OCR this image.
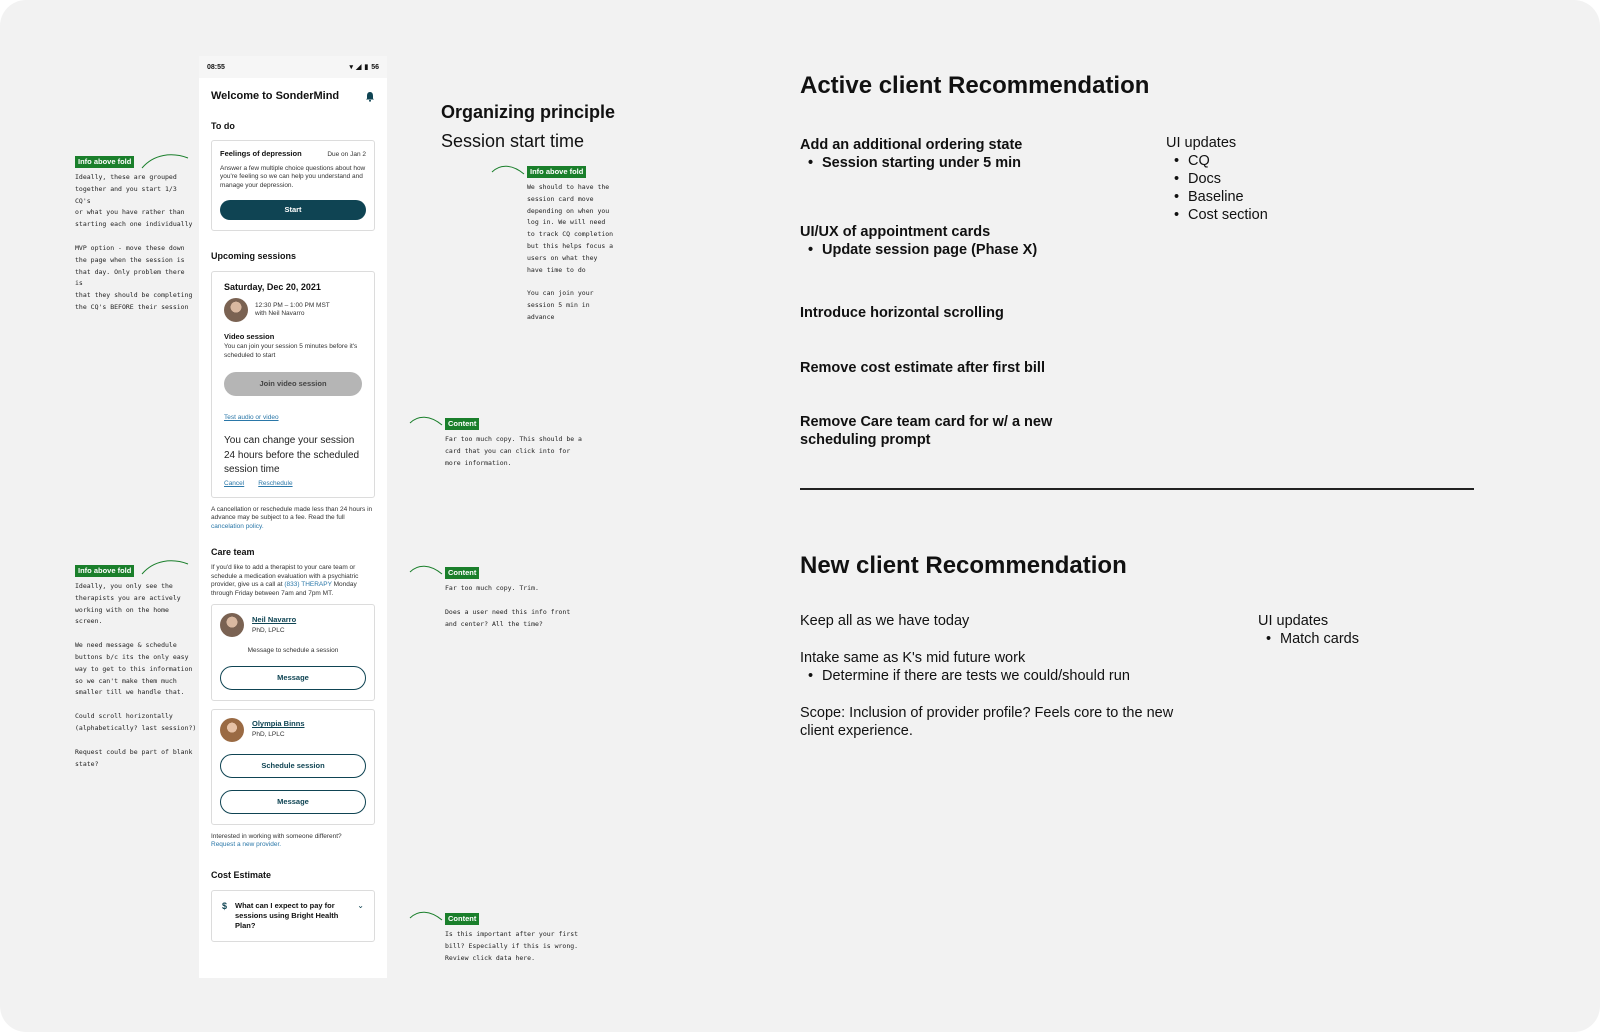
Info above fold

Ideally, these are grouped
together and you start 1/3 CQ's
or what you have rather than
starting each one individually

MVP option - move these down
the page when the session is
that day. Only problem there is
that they should be completing
the CQ's BEFORE their session

Info above fold

Ideally, you only see the
therapists you are actively
working with on the home
screen.

We need message & schedule
buttons b/c its the only easy
way to get to this information
so we can't make them much
smaller till we handle that.

Could scroll horizontally
(alphabetically? last session?)

Request could be part of blank
state?

08:55	▾ ◢ ▮ 56
Welcome to SonderMind
To do
Feelings of depression	Due on Jan 2
Answer a few multiple choice questions about how you're feeling so we can help you understand and manage your depression.
Start
Upcoming sessions
Saturday, Dec 20, 2021
12:30 PM – 1:00 PM MST
with Neil Navarro
Video session
You can join your session 5 minutes before it's scheduled to start
Join video session
Test audio or video
You can change your session 24 hours before the scheduled session time
Cancel Reschedule
A cancellation or reschedule made less than 24 hours in advance may be subject to a fee. Read the full cancelation policy.
Care team
If you'd like to add a therapist to your care team or schedule a medication evaluation with a psychiatric provider, give us a call at (833) THERAPY Monday through Friday between 7am and 7pm MT.
Neil Navarro
PhD, LPLC
Message to schedule a session
Message
Olympia Binns
PhD, LPLC
Schedule session
Message
Interested in working with someone different?
Request a new provider.
Cost Estimate
$ What can I expect to pay for sessions using Bright Health Plan?
⌄
Organizing principle
Session start time
Info above fold

We should to have the
session card move
depending on when you
log in. We will need
to track CQ completion
but this helps focus a
users on what they
have time to do

You can join your
session 5 min in
advance

Content

Far too much copy. This should be a
card that you can click into for
more information.

Content

Far too much copy. Trim.

Does a user need this info front
and center? All the time?

Content

Is this important after your first
bill? Especially if this is wrong.
Review click data here.

Active client Recommendation
Add an additional ordering state
• Session starting under 5 min
UI/UX of appointment cards
• Update session page (Phase X)
Introduce horizontal scrolling
Remove cost estimate after first bill
Remove Care team card for w/ a new scheduling prompt
UI updates
• CQ
• Docs
• Baseline
• Cost section
New client Recommendation
Keep all as we have today
Intake same as K's mid future work
• Determine if there are tests we could/should run
Scope: Inclusion of provider profile? Feels core to the new client experience.
UI updates
• Match cards
